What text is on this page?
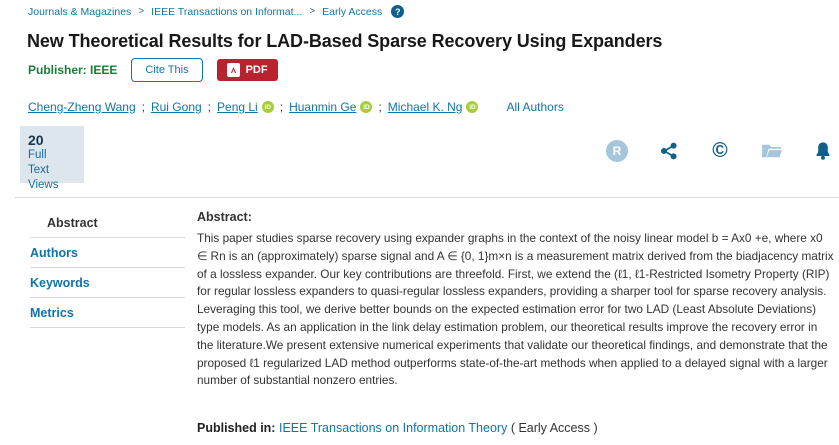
Journals & Magazines > IEEE Transactions on Informat... > Early Access	?
New Theoretical Results for LAD-Based Sparse Recovery Using Expanders
Publisher: IEEE	Cite This	PDF
Cheng-Zheng Wang ; Rui Gong ; Peng Li	iD ; Huanmin Ge	iD ; Michael K. Ng	iD	All Authors
20
Full
Text Views
R	©
Abstract
Authors
Keywords
Metrics
Abstract:

This paper studies sparse recovery using expander graphs in the context of the noisy linear model b = Ax0 +e, where x0 ∈ Rn is an (approximately) sparse signal and A ∈ {0, 1}m×n is a measurement matrix derived from the biadjacency matrix of a lossless expander. Our key contributions are threefold. First, we extend the (ℓ1, ℓ1-Restricted Isometry Property (RIP) for regular lossless expanders to quasi-regular lossless expanders, providing a sharper tool for sparse recovery analysis. Leveraging this tool, we derive better bounds on the expected estimation error for two LAD (Least Absolute Deviations) type models. As an application in the link delay estimation problem, our theoretical results improve the recovery error in the literature.We present extensive numerical experiments that validate our theoretical findings, and demonstrate that the proposed ℓ1 regularized LAD method outperforms state-of-the-art methods when applied to a delayed signal with a larger number of substantial nonzero entries.

Published in: IEEE Transactions on Information Theory ( Early Access )
